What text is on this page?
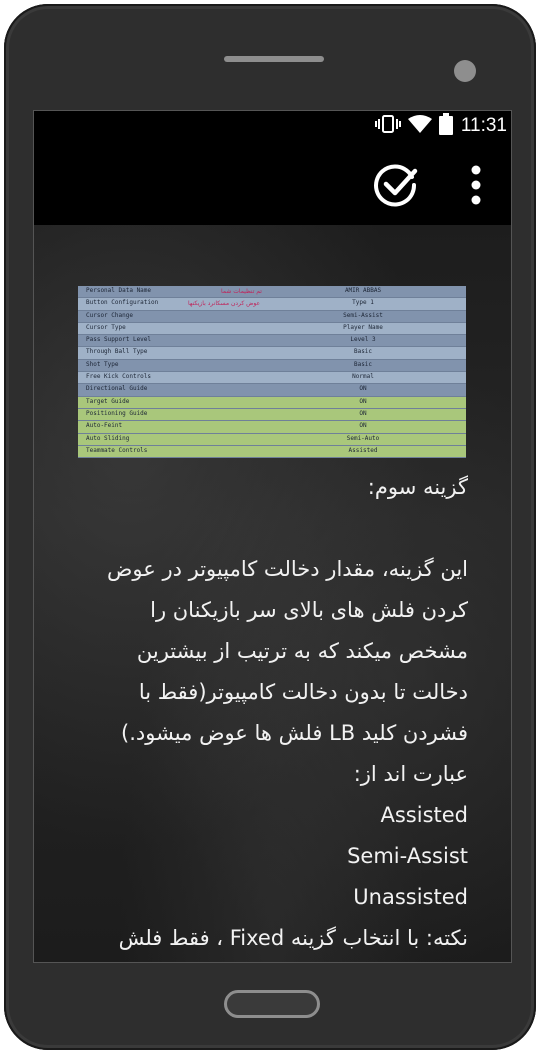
11:31
Personal Data Name	AMIR ABBAS
Button Configuration	Type 1
Cursor Change	Semi-Assist
Cursor Type	Player Name
Pass Support Level	Level 3
Through Ball Type	Basic
Shot Type	Basic
Free Kick Controls	Normal
Directional Guide	ON
Target Guide	ON
Positioning Guide	ON
Auto-Feint	ON
Auto Sliding	Semi-Auto
Teammate Controls	Assisted
تم تنظیمات شما
عوض کردن مسکانرد بازیکنها

گزینه سوم:

این گزینه، مقدار دخالت کامپیوتر در عوض کردن فلش های بالای سر بازیکنان را مشخص میکند که به ترتیب از بیشترین دخالت تا بدون دخالت کامپیوتر(فقط با فشردن کلید LB فلش ها عوض میشود.) عبارت اند از:

Assisted

Semi-Assist

Unassisted

نکته: با انتخاب گزینه Fixed ، فقط فلش
